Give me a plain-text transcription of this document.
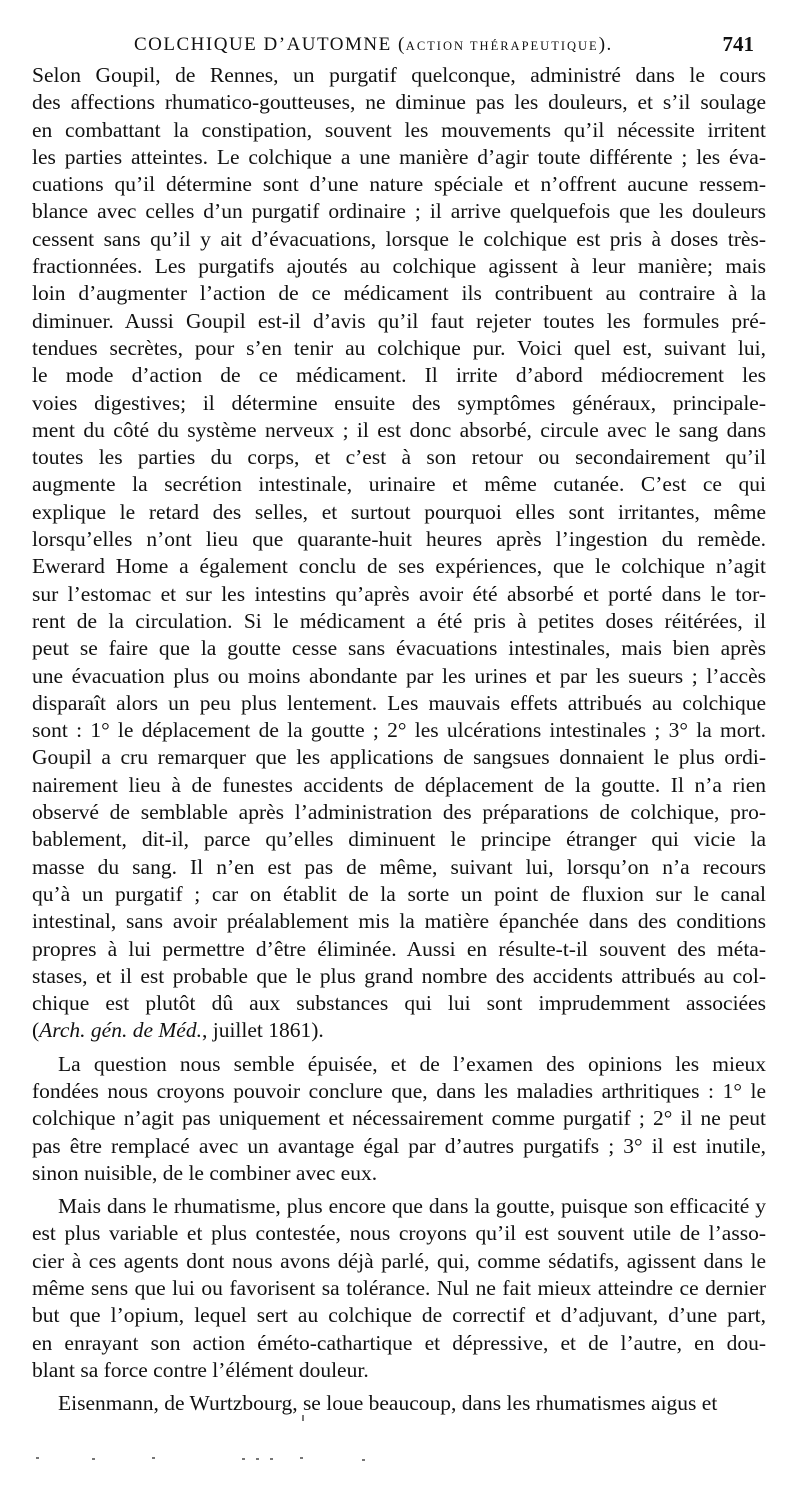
COLCHIQUE D’AUTOMNE (ACTION THÉRAPEUTIQUE).	741
Selon Goupil, de Rennes, un purgatif quelconque, administré dans le cours
des affections rhumatico-goutteuses, ne diminue pas les douleurs, et s’il soulage
en combattant la constipation, souvent les mouvements qu’il nécessite irritent
les parties atteintes. Le colchique a une manière d’agir toute différente ; les éva-
cuations qu’il détermine sont d’une nature spéciale et n’offrent aucune ressem-
blance avec celles d’un purgatif ordinaire ; il arrive quelquefois que les douleurs
cessent sans qu’il y ait d’évacuations, lorsque le colchique est pris à doses très-
fractionnées. Les purgatifs ajoutés au colchique agissent à leur manière; mais
loin d’augmenter l’action de ce médicament ils contribuent au contraire à la
diminuer. Aussi Goupil est-il d’avis qu’il faut rejeter toutes les formules pré-
tendues secrètes, pour s’en tenir au colchique pur. Voici quel est, suivant lui,
le mode d’action de ce médicament. Il irrite d’abord médiocrement les
voies digestives; il détermine ensuite des symptômes généraux, principale-
ment du côté du système nerveux ; il est donc absorbé, circule avec le sang dans
toutes les parties du corps, et c’est à son retour ou secondairement qu’il
augmente la secrétion intestinale, urinaire et même cutanée. C’est ce qui
explique le retard des selles, et surtout pourquoi elles sont irritantes, même
lorsqu’elles n’ont lieu que quarante-huit heures après l’ingestion du remède.
Ewerard Home a également conclu de ses expériences, que le colchique n’agit
sur l’estomac et sur les intestins qu’après avoir été absorbé et porté dans le tor-
rent de la circulation. Si le médicament a été pris à petites doses réitérées, il
peut se faire que la goutte cesse sans évacuations intestinales, mais bien après
une évacuation plus ou moins abondante par les urines et par les sueurs ; l’accès
disparaît alors un peu plus lentement. Les mauvais effets attribués au colchique
sont : 1° le déplacement de la goutte ; 2° les ulcérations intestinales ; 3° la mort.
Goupil a cru remarquer que les applications de sangsues donnaient le plus ordi-
nairement lieu à de funestes accidents de déplacement de la goutte. Il n’a rien
observé de semblable après l’administration des préparations de colchique, pro-
bablement, dit-il, parce qu’elles diminuent le principe étranger qui vicie la
masse du sang. Il n’en est pas de même, suivant lui, lorsqu’on n’a recours
qu’à un purgatif ; car on établit de la sorte un point de fluxion sur le canal
intestinal, sans avoir préalablement mis la matière épanchée dans des conditions
propres à lui permettre d’être éliminée. Aussi en résulte-t-il souvent des méta-
stases, et il est probable que le plus grand nombre des accidents attribués au col-
chique est plutôt dû aux substances qui lui sont imprudemment associées
(Arch. gén. de Méd., juillet 1861).
La question nous semble épuisée, et de l’examen des opinions les mieux
fondées nous croyons pouvoir conclure que, dans les maladies arthritiques : 1° le
colchique n’agit pas uniquement et nécessairement comme purgatif ; 2° il ne peut
pas être remplacé avec un avantage égal par d’autres purgatifs ; 3° il est inutile,
sinon nuisible, de le combiner avec eux.
Mais dans le rhumatisme, plus encore que dans la goutte, puisque son efficacité y
est plus variable et plus contestée, nous croyons qu’il est souvent utile de l’asso-
cier à ces agents dont nous avons déjà parlé, qui, comme sédatifs, agissent dans le
même sens que lui ou favorisent sa tolérance. Nul ne fait mieux atteindre ce dernier
but que l’opium, lequel sert au colchique de correctif et d’adjuvant, d’une part,
en enrayant son action éméto-cathartique et dépressive, et de l’autre, en dou-
blant sa force contre l’élément douleur.
Eisenmann, de Wurtzbourg, se loue beaucoup, dans les rhumatismes aigus et
